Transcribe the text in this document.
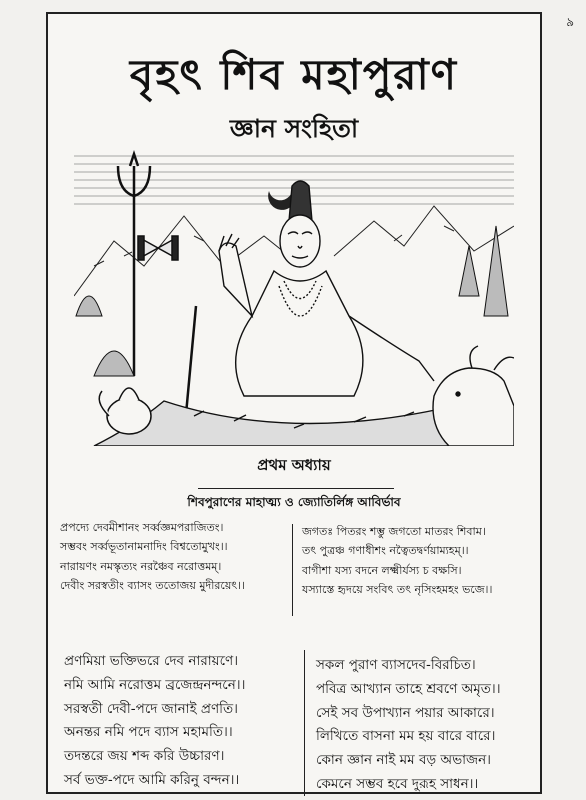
বৃহৎ শিব মহাপুরাণ
জ্ঞান সংহিতা
প্রথম অধ্যায়
শিবপুরাণের মাহাত্ম্য ও জ্যোতির্লিঙ্গ আবির্ভাব
প্রপদ্যে দেবমীশানং সর্ব্বজ্ঞমপরাজিতং।
সম্ভবং সর্ব্বভূতানামনাদিং বিশ্বতোমুখং।।
নারায়ণং নমস্কৃত্যং নরঞ্চৈব নরোত্তমম্।
দেবীং সরস্বতীং ব্যাসং ততোজয় মুদীরয়েৎ।।
জগতঃ পিতরং শম্ভু জগতো মাতরং শিবাম।
তৎ পুত্রঞ্চ গণাধীশং নত্বৈতদ্বর্ণয়াম্যহম্।।
বাগীশা যস্য বদনে লক্ষ্মীর্যস্য চ বক্ষসি।
যস্যাস্তে হৃদয়ে সংবিৎ তৎ নৃসিংহমহং ভজে।।
প্রণমিয়া ভক্তিভরে দেব নারায়ণে।
নমি আমি নরোত্তম ব্রজেন্দ্রনন্দনে।।
সরস্বতী দেবী-পদে জানাই প্রণতি।
অনন্তর নমি পদে ব্যাস মহামতি।।
তদন্তরে জয় শব্দ করি উচ্চারণ।
সর্ব ভক্ত-পদে আমি করিনু বন্দন।।
সকল পুরাণ ব্যাসদেব-বিরচিত।
পবিত্র আখ্যান তাহে শ্রবণে অমৃত।।
সেই সব উপাখ্যান পয়ার আকারে।
লিখিতে বাসনা মম হয় বারে বারে।
কোন জ্ঞান নাই মম বড় অভাজন।
কেমনে সম্ভব হবে দুরূহ সাধন।।
৯
